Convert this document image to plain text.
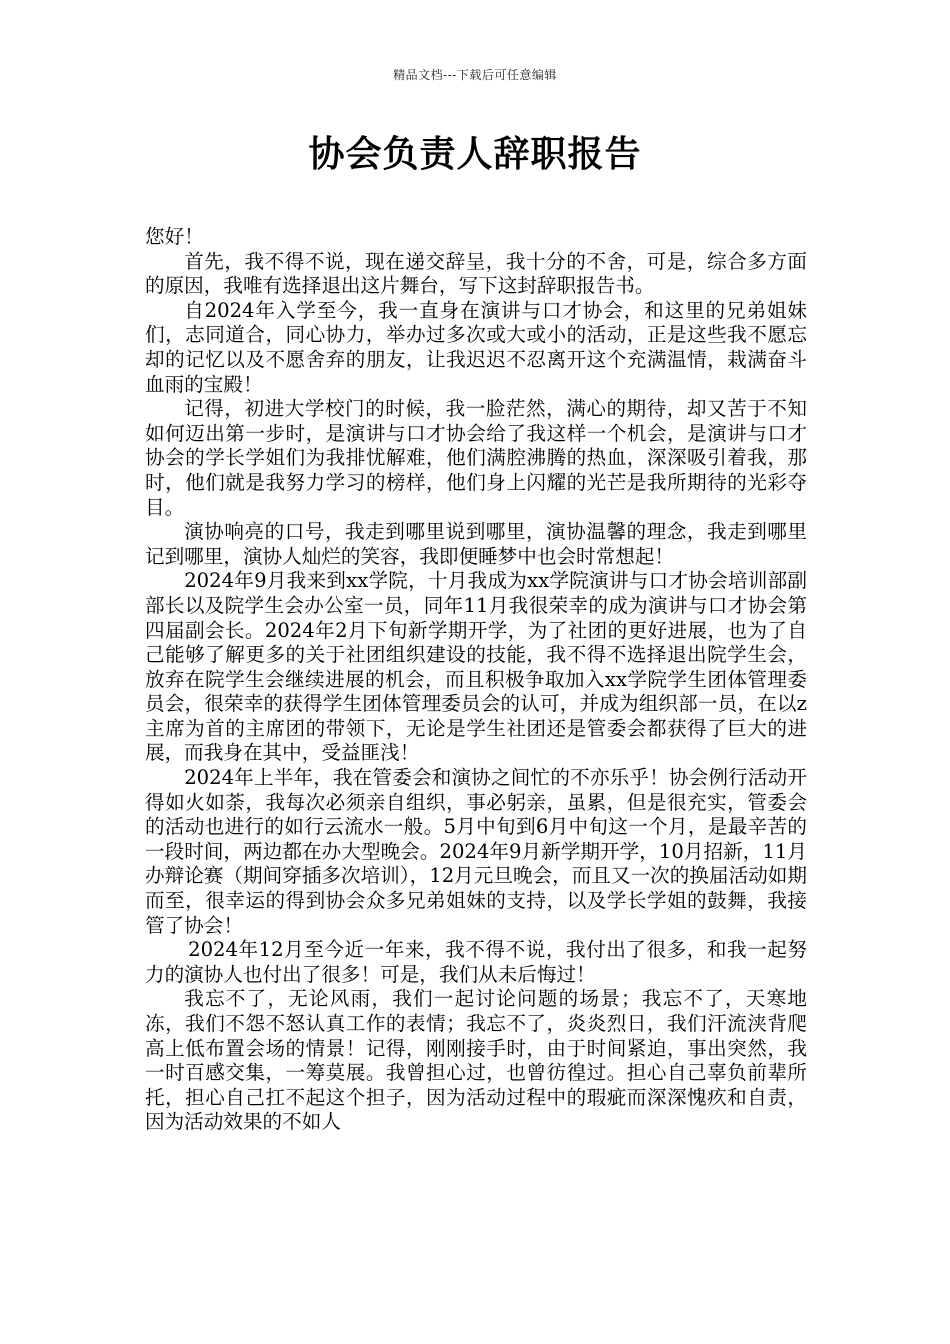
精品文档---下载后可任意编辑
协会负责人辞职报告

您好！

首先，我不得不说，现在递交辞呈，我十分的不舍，可是，综合多方面的原因，我唯有选择退出这片舞台，写下这封辞职报告书。

自2024年入学至今，我一直身在演讲与口才协会，和这里的兄弟姐妹们，志同道合，同心协力，举办过多次或大或小的活动，正是这些我不愿忘却的记忆以及不愿舍弃的朋友，让我迟迟不忍离开这个充满温情，栽满奋斗血雨的宝殿！

记得，初进大学校门的时候，我一脸茫然，满心的期待，却又苦于不知如何迈出第一步时，是演讲与口才协会给了我这样一个机会，是演讲与口才协会的学长学姐们为我排忧解难，他们满腔沸腾的热血，深深吸引着我，那时，他们就是我努力学习的榜样，他们身上闪耀的光芒是我所期待的光彩夺目。

演协响亮的口号，我走到哪里说到哪里，演协温馨的理念，我走到哪里记到哪里，演协人灿烂的笑容，我即便睡梦中也会时常想起！

2024年9月我来到xx学院，十月我成为xx学院演讲与口才协会培训部副部长以及院学生会办公室一员，同年11月我很荣幸的成为演讲与口才协会第四届副会长。2024年2月下旬新学期开学，为了社团的更好进展，也为了自己能够了解更多的关于社团组织建设的技能，我不得不选择退出院学生会，放弃在院学生会继续进展的机会，而且积极争取加入xx学院学生团体管理委员会，很荣幸的获得学生团体管理委员会的认可，并成为组织部一员，在以z主席为首的主席团的带领下，无论是学生社团还是管委会都获得了巨大的进展，而我身在其中，受益匪浅！

2024年上半年，我在管委会和演协之间忙的不亦乐乎！协会例行活动开得如火如荼，我每次必须亲自组织，事必躬亲，虽累，但是很充实，管委会的活动也进行的如行云流水一般。5月中旬到6月中旬这一个月，是最辛苦的一段时间，两边都在办大型晚会。2024年9月新学期开学，10月招新，11月办辩论赛（期间穿插多次培训），12月元旦晚会，而且又一次的换届活动如期而至，很幸运的得到协会众多兄弟姐妹的支持，以及学长学姐的鼓舞，我接管了协会！

2024年12月至今近一年来，我不得不说，我付出了很多，和我一起努力的演协人也付出了很多！可是，我们从未后悔过！

我忘不了，无论风雨，我们一起讨论问题的场景；我忘不了，天寒地冻，我们不怨不怒认真工作的表情；我忘不了，炎炎烈日，我们汗流浃背爬高上低布置会场的情景！记得，刚刚接手时，由于时间紧迫，事出突然，我一时百感交集，一筹莫展。我曾担心过，也曾彷徨过。担心自己辜负前辈所托，担心自己扛不起这个担子，因为活动过程中的瑕疵而深深愧疚和自责，因为活动效果的不如人
